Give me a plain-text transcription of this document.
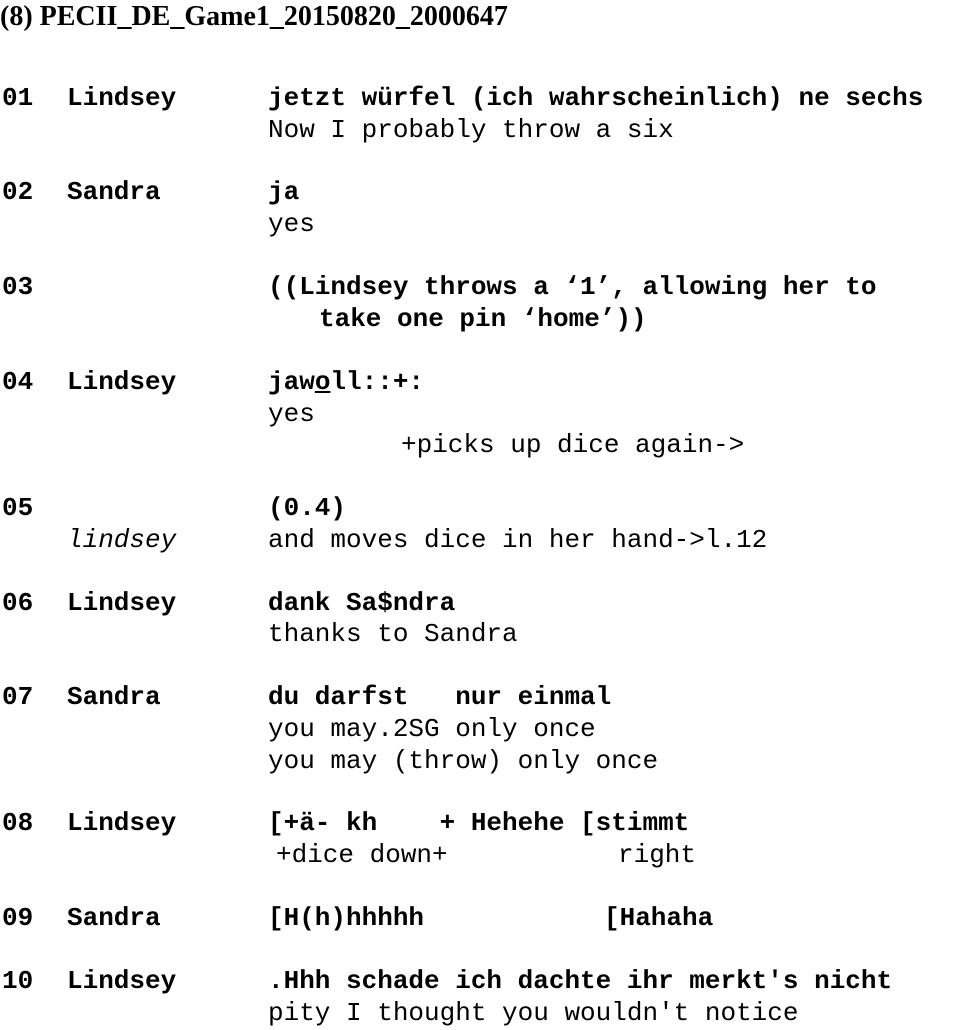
(8) PECII_DE_Game1_20150820_2000647
01 Lindsey	jetzt würfel (ich wahrscheinlich) ne sechs
Now I probably throw a six
02 Sandra	ja
yes
03	((Lindsey throws a ‘1’, allowing her to
take one pin ‘home’))
04 Lindsey	jawoll::+:
yes
+picks up dice again->
05	(0.4)
lindsey	and moves dice in her hand->l.12
06 Lindsey	dank Sa$ndra
thanks to Sandra
07 Sandra	du darfst   nur einmal
you may.2SG only once
you may (throw) only once
08 Lindsey	[+ä- kh    + Hehehe [stimmt
+dice down+	right
09 Sandra	[H(h)hhhhh	[Hahaha
10 Lindsey	.Hhh schade ich dachte ihr merkt's nicht
pity I thought you wouldn't notice
